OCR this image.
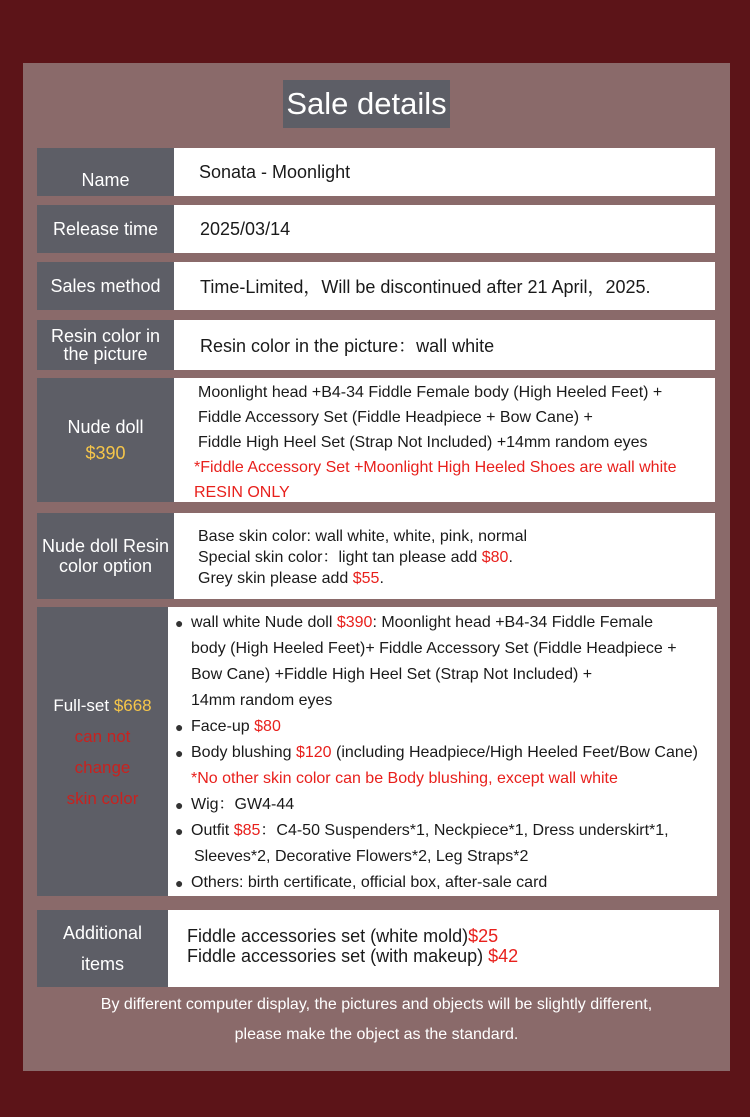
Sale details
Name	Sonata - Moonlight
Release time 2025/03/14
Sales method Time-Limited，Will be discontinued after 21 April，2025.
Resin color in
the picture	Resin color in the picture：wall white
Nude doll
$390
Moonlight head +B4-34 Fiddle Female body (High Heeled Feet) +
Fiddle Accessory Set (Fiddle Headpiece + Bow Cane) +
Fiddle High Heel Set (Strap Not Included) +14mm random eyes
*Fiddle Accessory Set +Moonlight High Heeled Shoes are wall white
RESIN ONLY
Nude doll Resin
color option
Base skin color: wall white, white, pink, normal
Special skin color：light tan please add $80.
Grey skin please add $55.
Full-set $668
can not
change
skin color
● wall white Nude doll $390: Moonlight head +B4-34 Fiddle Female
body (High Heeled Feet)+ Fiddle Accessory Set (Fiddle Headpiece +
Bow Cane) +Fiddle High Heel Set (Strap Not Included) +
14mm random eyes
● Face-up $80
● Body blushing $120 (including Headpiece/High Heeled Feet/Bow Cane)
*No other skin color can be Body blushing, except wall white
● Wig：GW4-44
● Outfit $85：C4-50 Suspenders*1, Neckpiece*1, Dress underskirt*1,
Sleeves*2, Decorative Flowers*2, Leg Straps*2
● Others: birth certificate, official box, after-sale card
Additional
items
Fiddle accessories set (white mold)$25
Fiddle accessories set (with makeup) $42
By different computer display, the pictures and objects will be slightly different,
please make the object as the standard.
